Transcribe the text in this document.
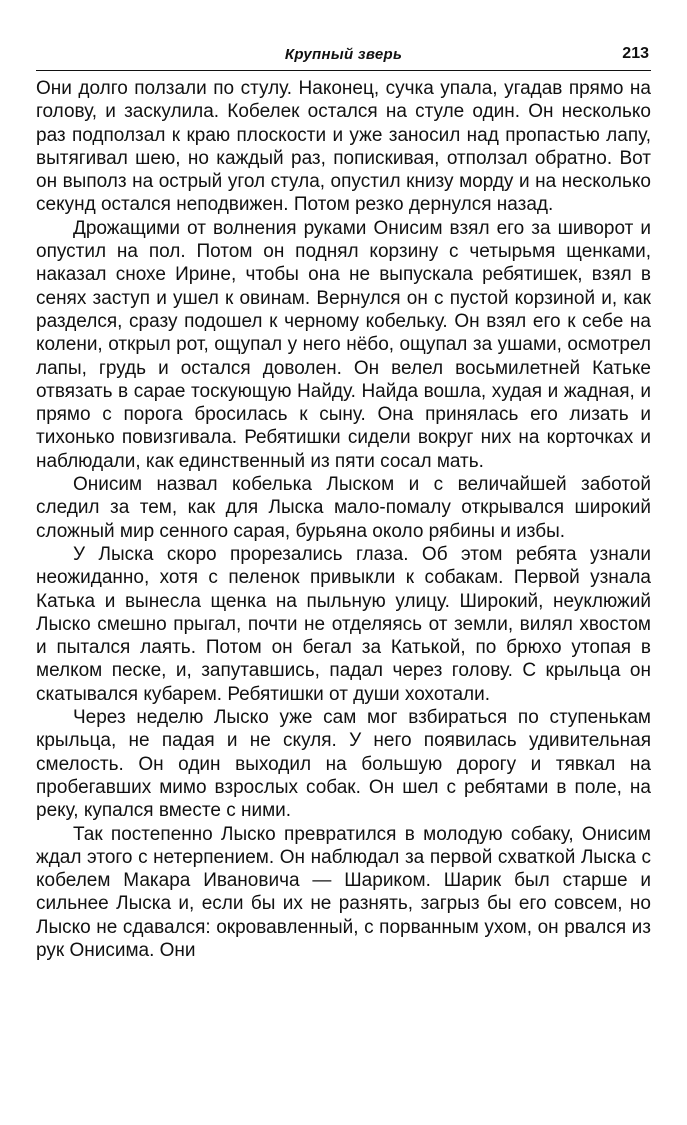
Крупный зверь	213

Они долго ползали по стулу. Наконец, сучка упала, угадав прямо на голову, и заскулила. Кобелек остался на стуле один. Он несколько раз подползал к краю плоскости и уже заносил над пропастью лапу, вытягивал шею, но каждый раз, попискивая, отползал обратно. Вот он выполз на острый угол стула, опустил книзу морду и на несколько секунд остался неподвижен. Потом резко дернулся назад.

Дрожащими от волнения руками Онисим взял его за шиворот и опустил на пол. Потом он поднял корзину с четырьмя щенками, наказал снохе Ирине, чтобы она не выпускала ребятишек, взял в сенях заступ и ушел к овинам. Вернулся он с пустой корзиной и, как разделся, сразу подошел к черному кобельку. Он взял его к себе на колени, открыл рот, ощупал у него нёбо, ощупал за ушами, осмотрел лапы, грудь и остался доволен. Он велел восьмилетней Катьке отвязать в сарае тоскующую Найду. Найда вошла, худая и жадная, и прямо с порога бросилась к сыну. Она принялась его лизать и тихонько повизгивала. Ребятишки сидели вокруг них на корточках и наблюдали, как единственный из пяти сосал мать.

Онисим назвал кобелька Лыском и с величайшей заботой следил за тем, как для Лыска мало-помалу открывался широкий сложный мир сенного сарая, бурьяна около рябины и избы.

У Лыска скоро прорезались глаза. Об этом ребята узнали неожиданно, хотя с пеленок привыкли к собакам. Первой узнала Катька и вынесла щенка на пыльную улицу. Широкий, неуклюжий Лыско смешно прыгал, почти не отделяясь от земли, вилял хвостом и пытался лаять. Потом он бегал за Катькой, по брюхо утопая в мелком песке, и, запутавшись, падал через голову. С крыльца он скатывался кубарем. Ребятишки от души хохотали.

Через неделю Лыско уже сам мог взбираться по ступенькам крыльца, не падая и не скуля. У него появилась удивительная смелость. Он один выходил на большую дорогу и тявкал на пробегавших мимо взрослых собак. Он шел с ребятами в поле, на реку, купался вместе с ними.

Так постепенно Лыско превратился в молодую собаку, Онисим ждал этого с нетерпением. Он наблюдал за первой схваткой Лыска с кобелем Макара Ивановича — Шариком. Шарик был старше и сильнее Лыска и, если бы их не разнять, загрыз бы его совсем, но Лыско не сдавался: окровавленный, с порванным ухом, он рвался из рук Онисима. Они
